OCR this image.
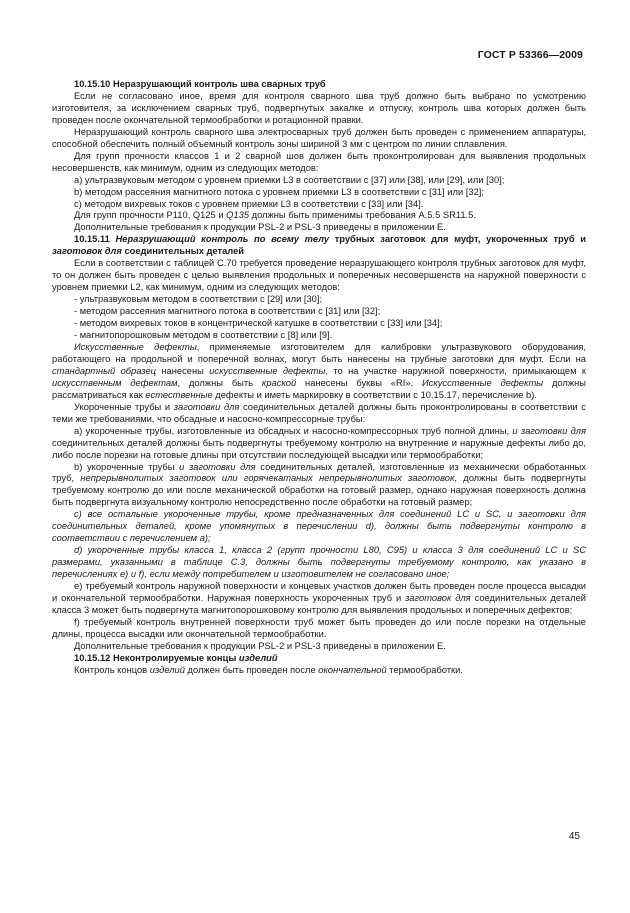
ГОСТ Р 53366—2009

10.15.10 Неразрушающий контроль шва сварных труб

Если не согласовано иное, время для контроля сварного шва труб должно быть выбрано по усмотрению изготовителя, за исключением сварных труб, подвергнутых закалке и отпуску, контроль шва которых должен быть проведен после окончательной термообработки и ротационной правки.

Неразрушающий контроль сварного шва электросварных труб должен быть проведен с применением аппаратуры, способной обеспечить полный объемный контроль зоны шириной 3 мм с центром по линии сплавления.

Для групп прочности классов 1 и 2 сварной шов должен быть проконтролирован для выявления продольных несовершенств, как минимум, одним из следующих методов:

a) ультразвуковым методом с уровнем приемки L3 в соответствии с [37] или [38], или [29], или [30];

b) методом рассеяния магнитного потока с уровнем приемки L3 в соответствии с [31] или [32];

c) методом вихревых токов с уровнем приемки L3 в соответствии с [33] или [34].

Для групп прочности Р110, Q125 и Q135 должны быть применимы требования А.5.5 SR11.5.

Дополнительные требования к продукции PSL-2 и PSL-3 приведены в приложении Е.

10.15.11 Неразрушающий контроль по всему телу трубных заготовок для муфт, укороченных труб и заготовок для соединительных деталей

Если в соответствии с таблицей С.70 требуется проведение неразрушающего контроля трубных заготовок для муфт, то он должен быть проведен с целью выявления продольных и поперечных несовершенств на наружной поверхности с уровнем приемки L2, как минимум, одним из следующих методов:

- ультразвуковым методом в соответствии с [29] или [30];

- методом рассеяния магнитного потока в соответствии с [31] или [32];

- методом вихревых токов в концентрической катушке в соответствии с [33] или [34];

- магнитопорошковым методом в соответствии с [8] или [9].

Искусственные дефекты, применяемые изготовителем для калибровки ультразвукового оборудования, работающего на продольной и поперечной волнах, могут быть нанесены на трубные заготовки для муфт. Если на стандартный образец нанесены искусственные дефекты, то на участке наружной поверхности, примыкающем к искусственным дефектам, должны быть краской нанесены буквы «RI». Искусственные дефекты должны рассматриваться как естественные дефекты и иметь маркировку в соответствии с 10.15.17, перечисление b).

Укороченные трубы и заготовки для соединительных деталей должны быть проконтролированы в соответствии с теми же требованиями, что обсадные и насосно-компрессорные трубы:

a) укороченные трубы, изготовленные из обсадных и насосно-компрессорных труб полной длины, и заготовки для соединительных деталей должны быть подвергнуты требуемому контролю на внутренние и наружные дефекты либо до, либо после порезки на готовые длины при отсутствии последующей высадки или термообработки;

b) укороченные трубы и заготовки для соединительных деталей, изготовленные из механически обработанных труб, непрерывнолитых заготовок или горячекатаных непрерывнолитых заготовок, должны быть подвергнуты требуемому контролю до или после механической обработки на готовый размер, однако наружная поверхность должна быть подвергнута визуальному контролю непосредственно после обработки на готовый размер;

c) все остальные укороченные трубы, кроме предназначенных для соединений LC и SC, и заготовки для соединительных деталей, кроме упомянутых в перечислении d), должны быть подвергнуты контролю в соответствии с перечислением a);

d) укороченные трубы класса 1, класса 2 (групп прочности L80, С95) и класса 3 для соединений LC и SC размерами, указанными в таблице С.3, должны быть подвергнуты требуемому контролю, как указано в перечислениях e) и f), если между потребителем и изготовителем не согласовано иное;

e) требуемый контроль наружной поверхности и концевых участков должен быть проведен после процесса высадки и окончательной термообработки. Наружная поверхность укороченных труб и заготовок для соединительных деталей класса 3 может быть подвергнута магнитопорошковому контролю для выявления продольных и поперечных дефектов;

f) требуемый контроль внутренней поверхности труб может быть проведен до или после порезки на отдельные длины, процесса высадки или окончательной термообработки.

Дополнительные требования к продукции PSL-2 и PSL-3 приведены в приложении Е.

10.15.12 Неконтролируемые концы изделий

Контроль концов изделий должен быть проведен после окончательной термообработки.

45
